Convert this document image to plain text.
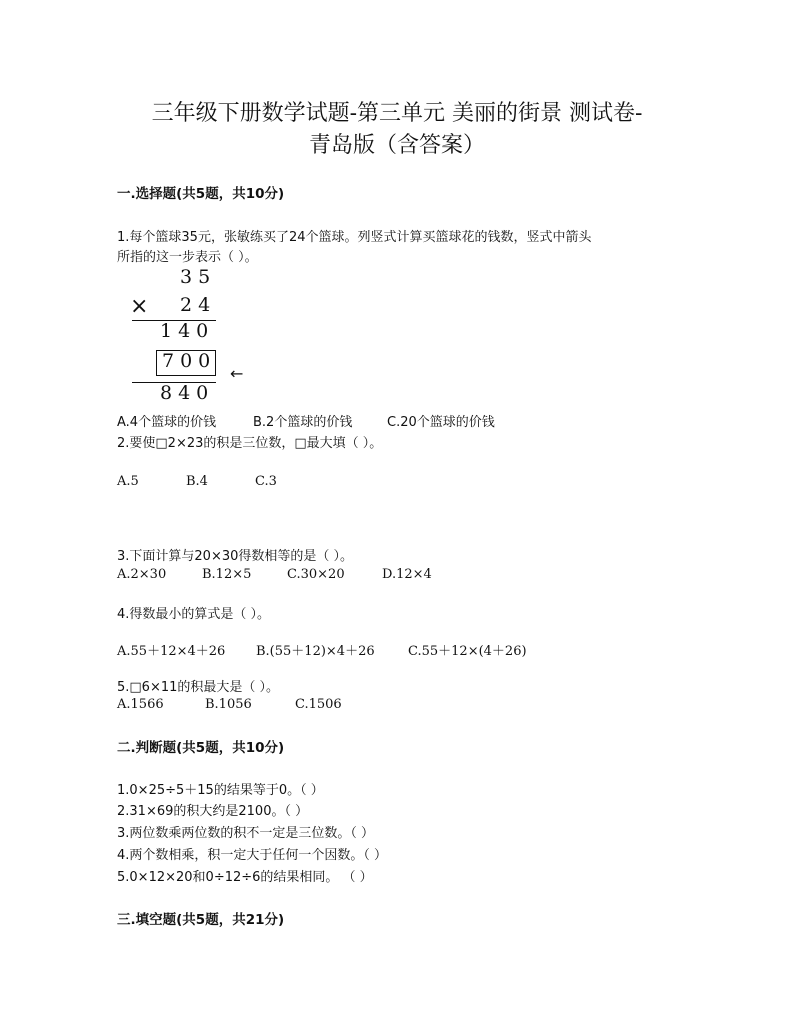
三年级下册数学试题-第三单元 美丽的街景 测试卷-
青岛版（含答案）
一.选择题(共5题，共10分)
1.每个篮球35元，张敏练买了24个篮球。列竖式计算买篮球花的钱数，竖式中箭头
所指的这一步表示（ ）。
35
× 24
140
700
840
←
A.4个篮球的价钱	B.2个篮球的价钱	C.20个篮球的价钱
2.要使□2×23的积是三位数，□最大填（ ）。
A.5	B.4	C.3
3.下面计算与20×30得数相等的是（ ）。
A.2×30	B.12×5	C.30×20	D.12×4
4.得数最小的算式是（ ）。
A.55＋12×4＋26 B.(55＋12)×4＋26	C.55＋12×(4＋26)
5.□6×11的积最大是（ ）。
A.1566	B.1056	C.1506
二.判断题(共5题，共10分)
1.0×25÷5＋15的结果等于0。（ ）
2.31×69的积大约是2100。（ ）
3.两位数乘两位数的积不一定是三位数。（ ）
4.两个数相乘，积一定大于任何一个因数。（ ）
5.0×12×20和0÷12÷6的结果相同。 （ ）
三.填空题(共5题，共21分)
